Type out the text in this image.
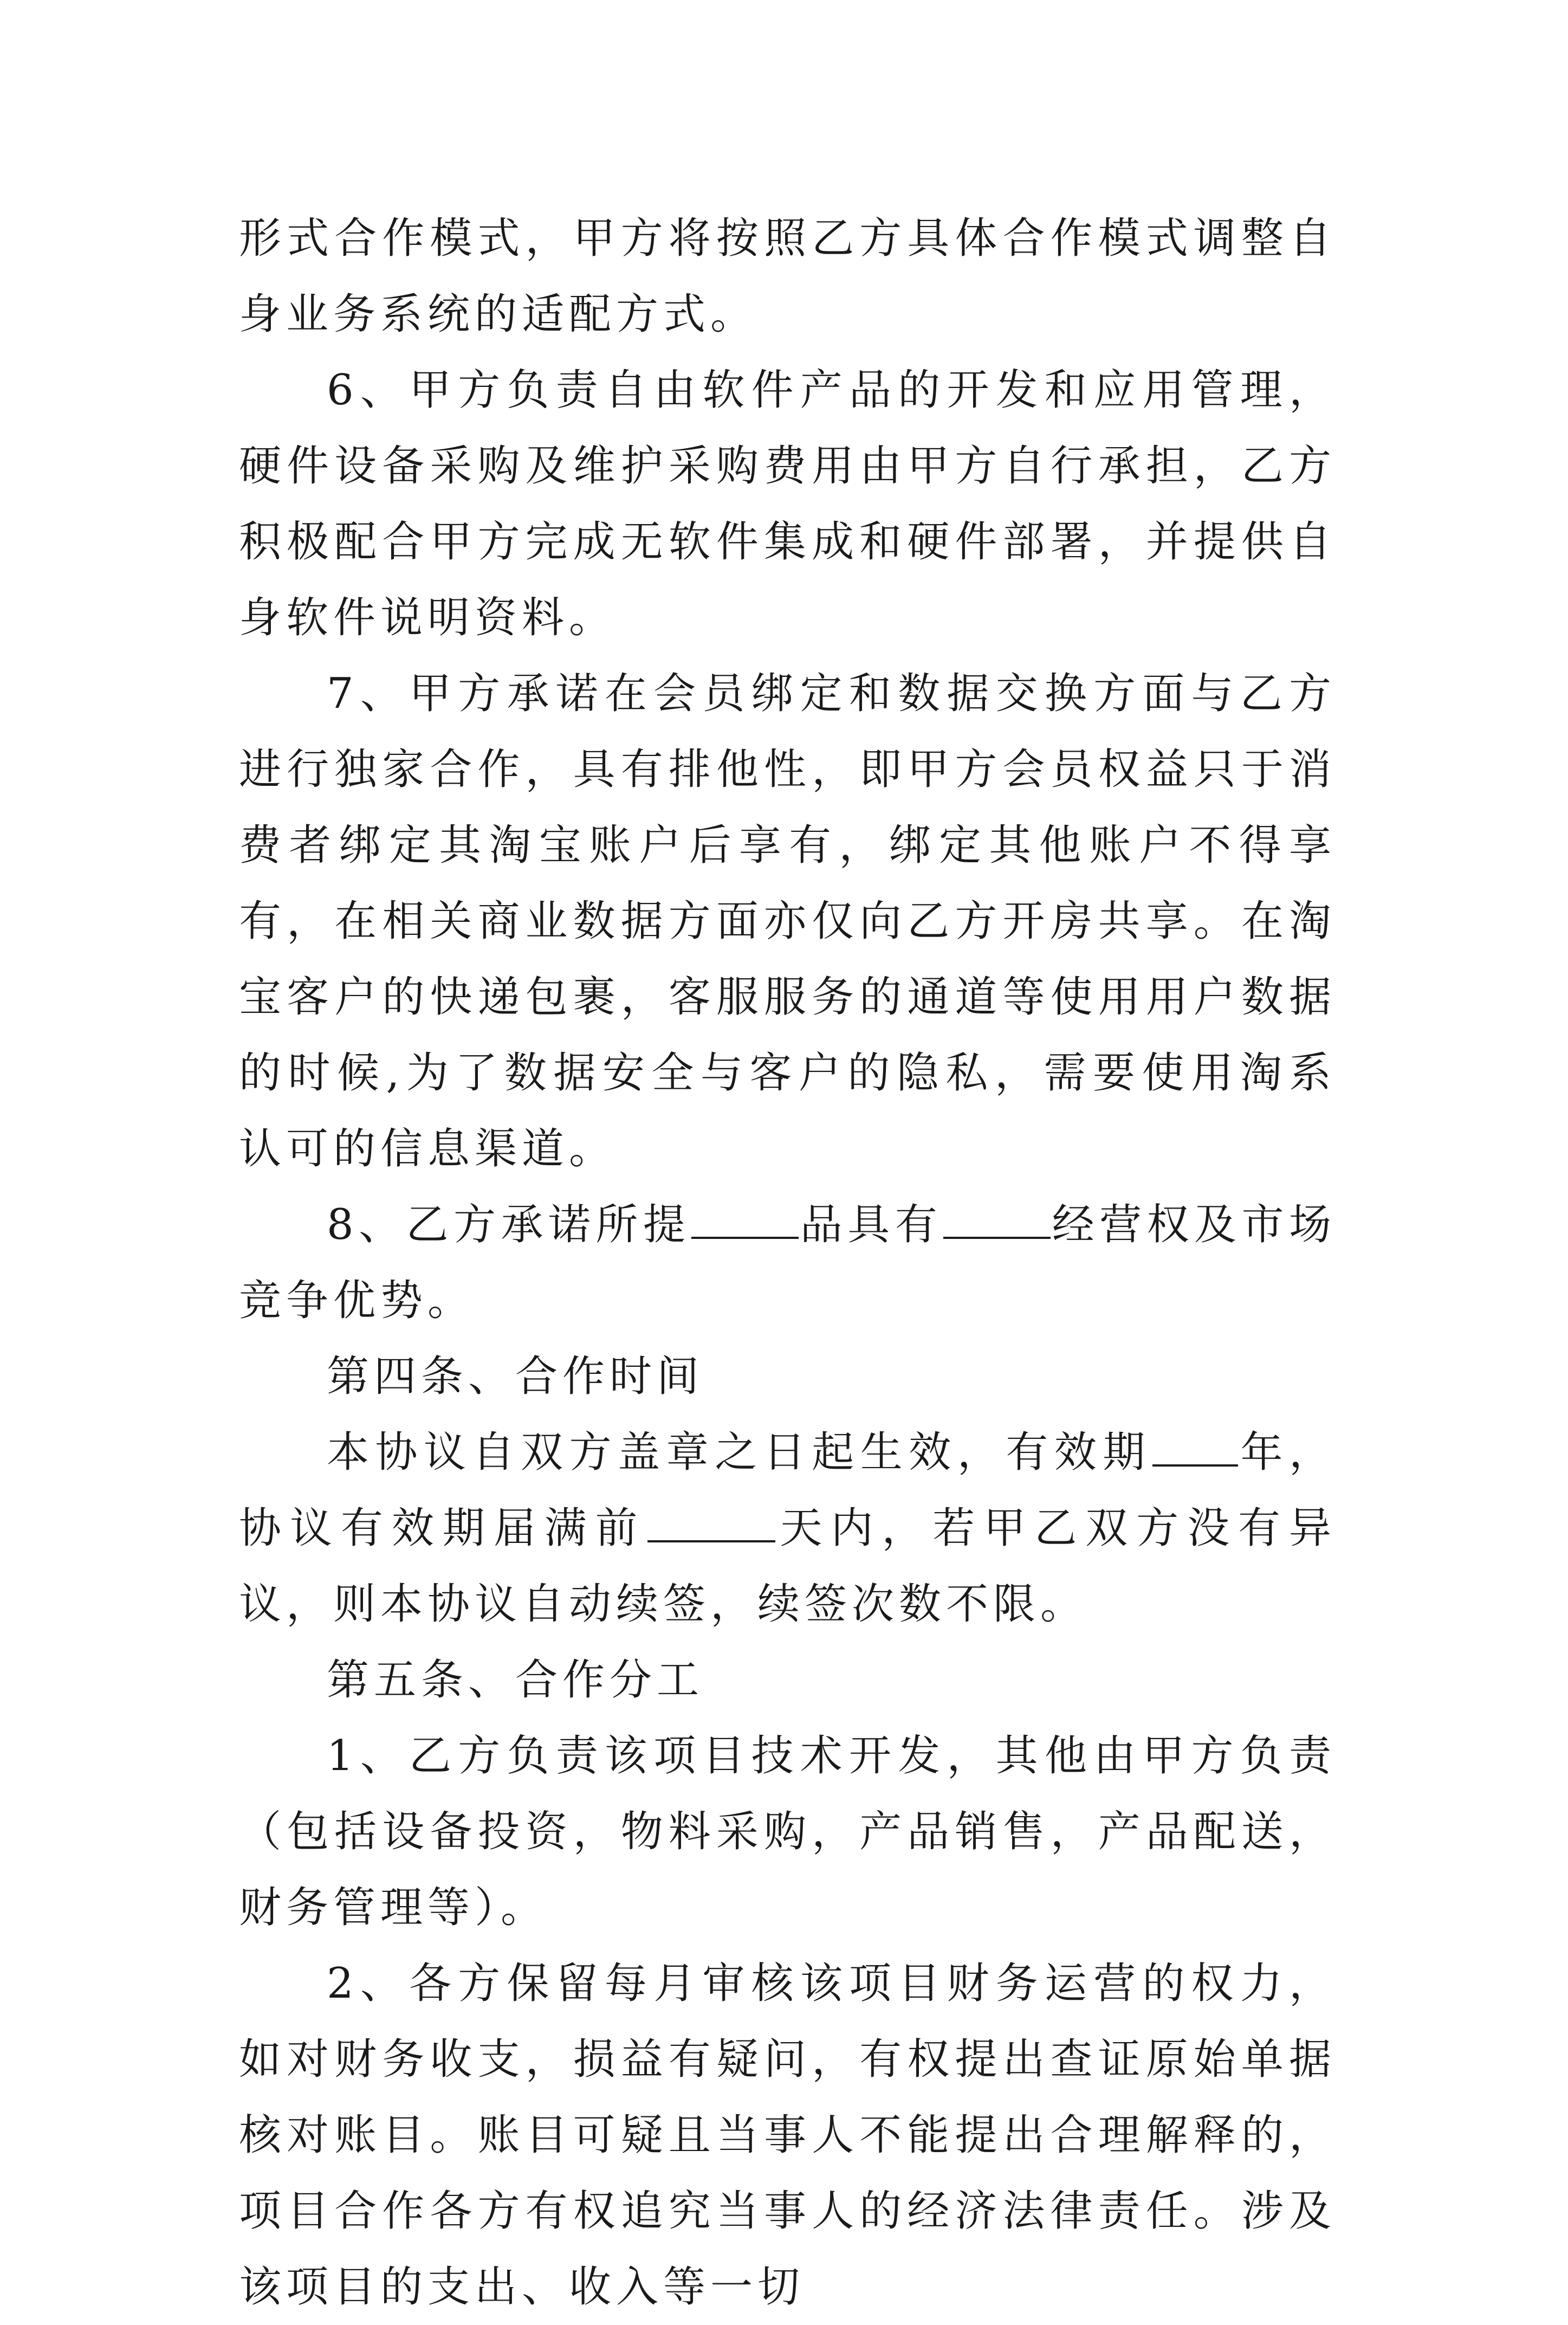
形式合作模式，甲方将按照乙方具体合作模式调整自身业务系统的适配方式。

6、甲方负责自由软件产品的开发和应用管理，硬件设备采购及维护采购费用由甲方自行承担，乙方积极配合甲方完成无软件集成和硬件部署，并提供自身软件说明资料。

7、甲方承诺在会员绑定和数据交换方面与乙方进行独家合作，具有排他性，即甲方会员权益只于消费者绑定其淘宝账户后享有，绑定其他账户不得享有，在相关商业数据方面亦仅向乙方开房共享。在淘宝客户的快递包裹，客服服务的通道等使用用户数据的时候,为了数据安全与客户的隐私，需要使用淘系认可的信息渠道。

8、乙方承诺所提	品具有	经营权及市场竞争优势。

第四条、合作时间

本协议自双方盖章之日起生效，有效期 年，协议有效期届满前	天内，若甲乙双方没有异议，则本协议自动续签，续签次数不限。

第五条、合作分工

1、乙方负责该项目技术开发，其他由甲方负责（包括设备投资，物料采购，产品销售，产品配送，财务管理等）。

2、各方保留每月审核该项目财务运营的权力，如对财务收支，损益有疑问，有权提出查证原始单据核对账目。账目可疑且当事人不能提出合理解释的，项目合作各方有权追究当事人的经济法律责任。涉及该项目的支出、收入等一切
